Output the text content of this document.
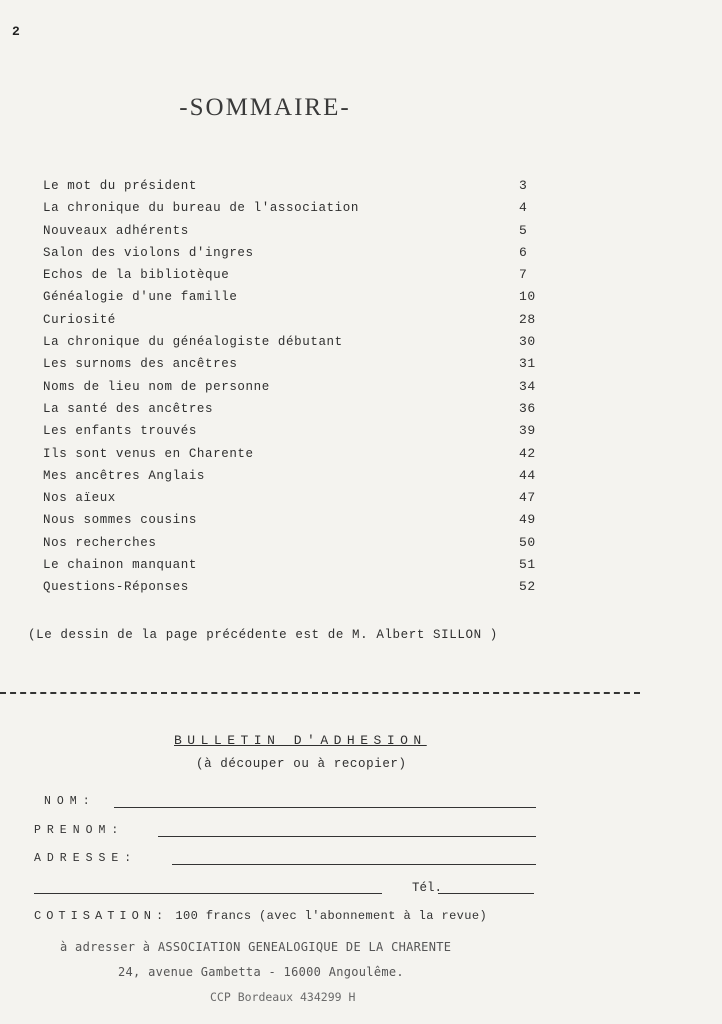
2
-SOMMAIRE-
Le mot du président	3
La chronique du bureau de l'association	4
Nouveaux adhérents	5
Salon des violons d'ingres	6
Echos de la bibliotèque	7
Généalogie d'une famille	10
Curiosité	28
La chronique du généalogiste débutant	30
Les surnoms des ancêtres	31
Noms de lieu nom de personne	34
La santé des ancêtres	36
Les enfants trouvés	39
Ils sont venus en Charente	42
Mes ancêtres Anglais	44
Nos aïeux	47
Nous sommes cousins	49
Nos recherches	50
Le chainon manquant	51
Questions-Réponses	52
(Le dessin de la page précédente est de M. Albert SILLON )
BULLETIN D'ADHESION
(à découper ou à recopier)
NOM:
PRENOM:
ADRESSE:
Tél.
COTISATION: 100 francs (avec l'abonnement à la revue)
à adresser à ASSOCIATION GENEALOGIQUE DE LA CHARENTE
24, avenue Gambetta - 16000 Angoulême.
CCP Bordeaux 434299 H
